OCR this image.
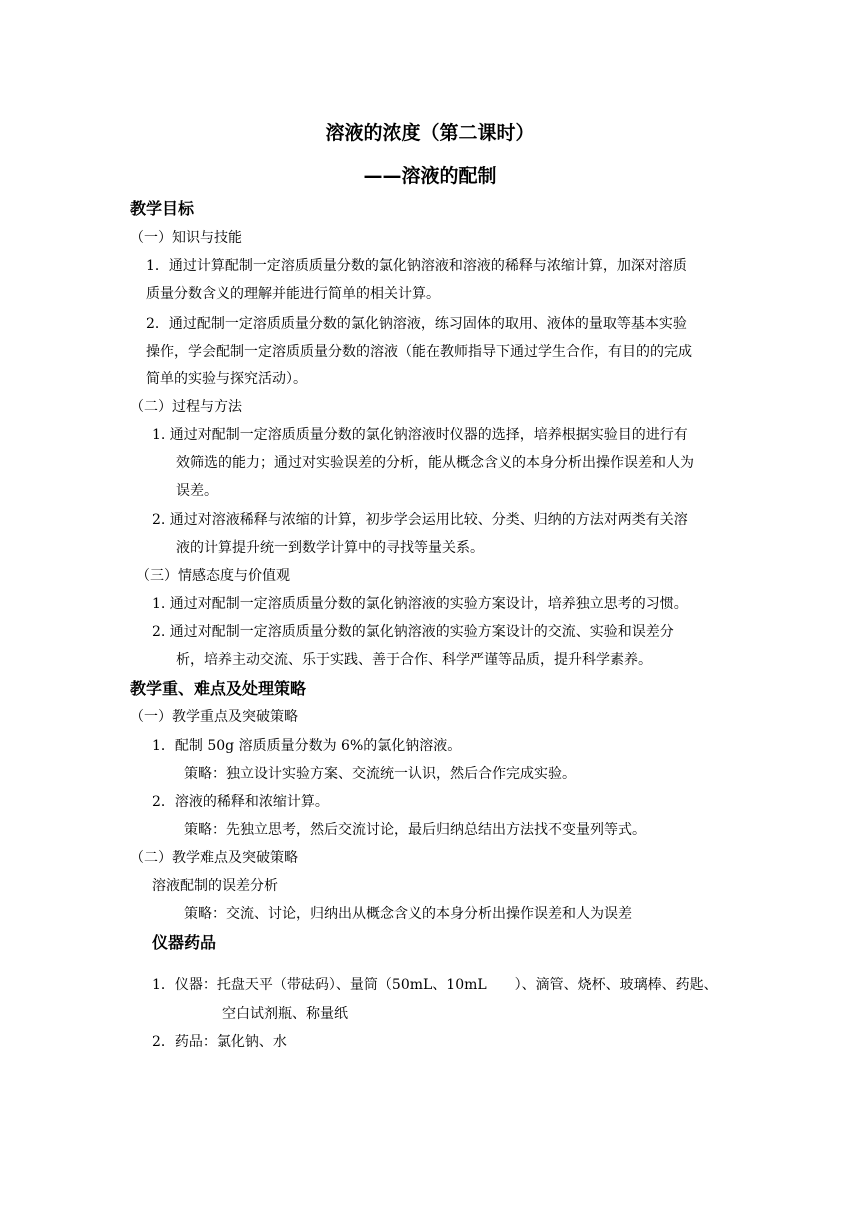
溶液的浓度（第二课时）
——溶液的配制
教学目标
（一）知识与技能
1．通过计算配制一定溶质质量分数的氯化钠溶液和溶液的稀释与浓缩计算，加深对溶质
质量分数含义的理解并能进行简单的相关计算。
2．通过配制一定溶质质量分数的氯化钠溶液，练习固体的取用、液体的量取等基本实验
操作，学会配制一定溶质质量分数的溶液（能在教师指导下通过学生合作，有目的的完成
简单的实验与探究活动）。
（二）过程与方法
1. 通过对配制一定溶质质量分数的氯化钠溶液时仪器的选择，培养根据实验目的进行有
效筛选的能力；通过对实验误差的分析，能从概念含义的本身分析出操作误差和人为
误差。
2. 通过对溶液稀释与浓缩的计算，初步学会运用比较、分类、归纳的方法对两类有关溶
液的计算提升统一到数学计算中的寻找等量关系。
（三）情感态度与价值观
1. 通过对配制一定溶质质量分数的氯化钠溶液的实验方案设计，培养独立思考的习惯。
2. 通过对配制一定溶质质量分数的氯化钠溶液的实验方案设计的交流、实验和误差分
析，培养主动交流、乐于实践、善于合作、科学严谨等品质，提升科学素养。
教学重、难点及处理策略
（一）教学重点及突破策略
1．配制 50g 溶质质量分数为 6%的氯化钠溶液。
策略：独立设计实验方案、交流统一认识，然后合作完成实验。
2．溶液的稀释和浓缩计算。
策略：先独立思考，然后交流讨论，最后归纳总结出方法找不变量列等式。
（二）教学难点及突破策略
溶液配制的误差分析
策略：交流、讨论，归纳出从概念含义的本身分析出操作误差和人为误差
仪器药品
1．仪器：托盘天平（带砝码）、量筒（50mL、10mL　　）、滴管、烧杯、玻璃棒、药匙、
空白试剂瓶、称量纸
2．药品：氯化钠、水
